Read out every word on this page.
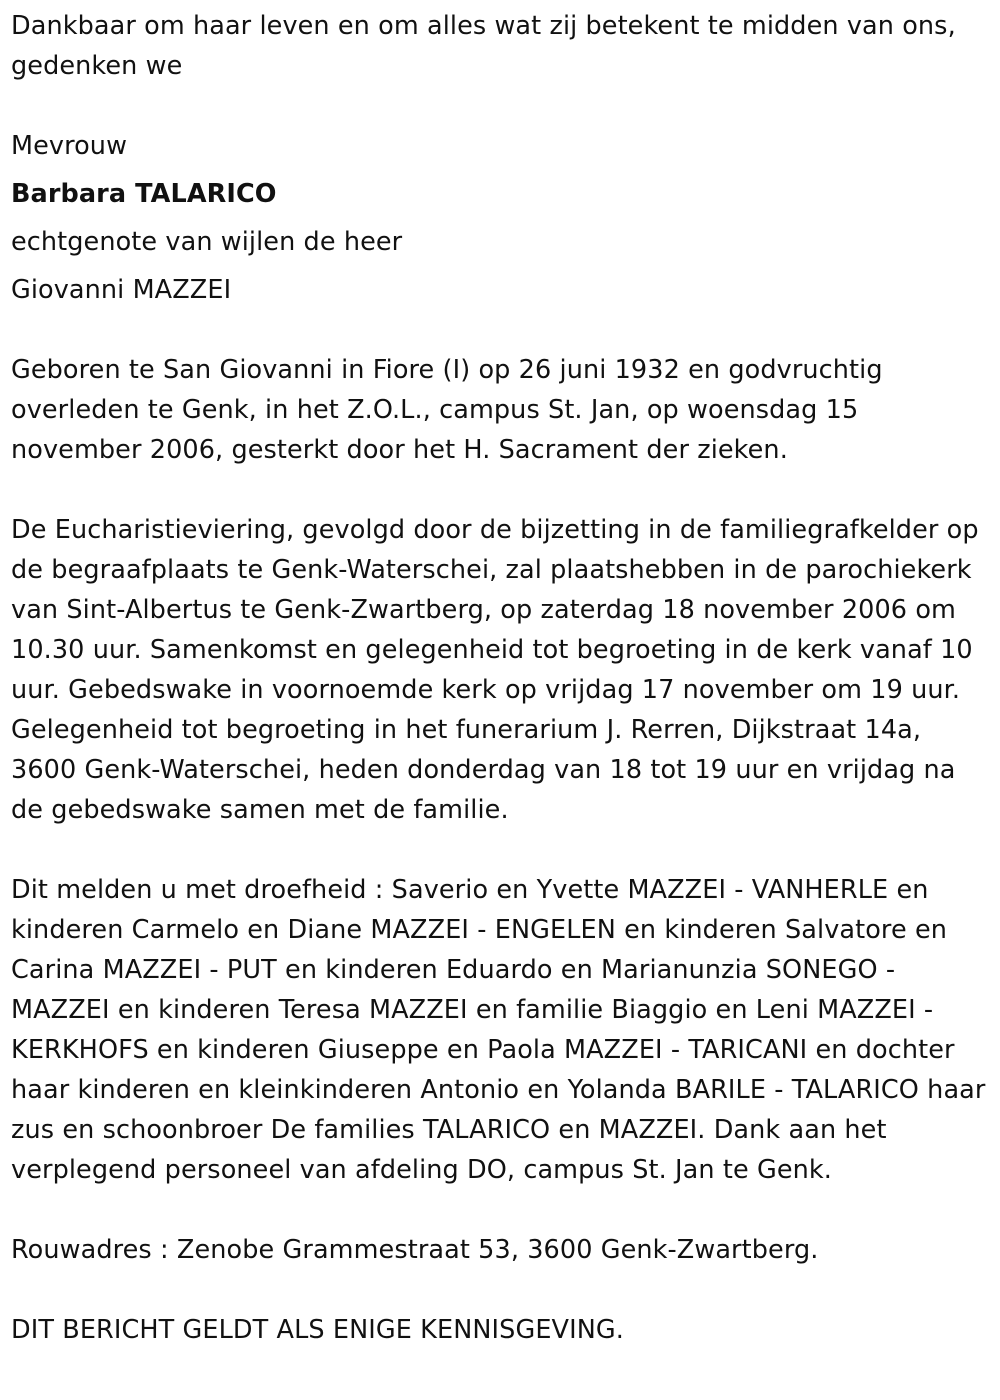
Dankbaar om haar leven en om alles wat zij betekent te midden van ons, gedenken we

Mevrouw

Barbara TALARICO

echtgenote van wijlen de heer

Giovanni MAZZEI

Geboren te San Giovanni in Fiore (I) op 26 juni 1932 en godvruchtig overleden te Genk, in het Z.O.L., campus St. Jan, op woensdag 15 november 2006, gesterkt door het H. Sacrament der zieken.

De Eucharistieviering, gevolgd door de bijzetting in de familiegrafkelder op de begraafplaats te Genk-Waterschei, zal plaatshebben in de parochiekerk van Sint-Albertus te Genk-Zwartberg, op zaterdag 18 november 2006 om 10.30 uur. Samenkomst en gelegenheid tot begroeting in de kerk vanaf 10 uur. Gebedswake in voornoemde kerk op vrijdag 17 november om 19 uur. Gelegenheid tot begroeting in het funerarium J. Rerren, Dijkstraat 14a, 3600 Genk-Waterschei, heden donderdag van 18 tot 19 uur en vrijdag na de gebedswake samen met de familie.

Dit melden u met droefheid : Saverio en Yvette MAZZEI - VANHERLE en kinderen Carmelo en Diane MAZZEI - ENGELEN en kinderen Salvatore en Carina MAZZEI - PUT en kinderen Eduardo en Marianunzia SONEGO - MAZZEI en kinderen Teresa MAZZEI en familie Biaggio en Leni MAZZEI - KERKHOFS en kinderen Giuseppe en Paola MAZZEI - TARICANI en dochter haar kinderen en kleinkinderen Antonio en Yolanda BARILE - TALARICO haar zus en schoonbroer De families TALARICO en MAZZEI. Dank aan het verplegend personeel van afdeling DO, campus St. Jan te Genk.

Rouwadres : Zenobe Grammestraat 53, 3600 Genk-Zwartberg.

DIT BERICHT GELDT ALS ENIGE KENNISGEVING.
